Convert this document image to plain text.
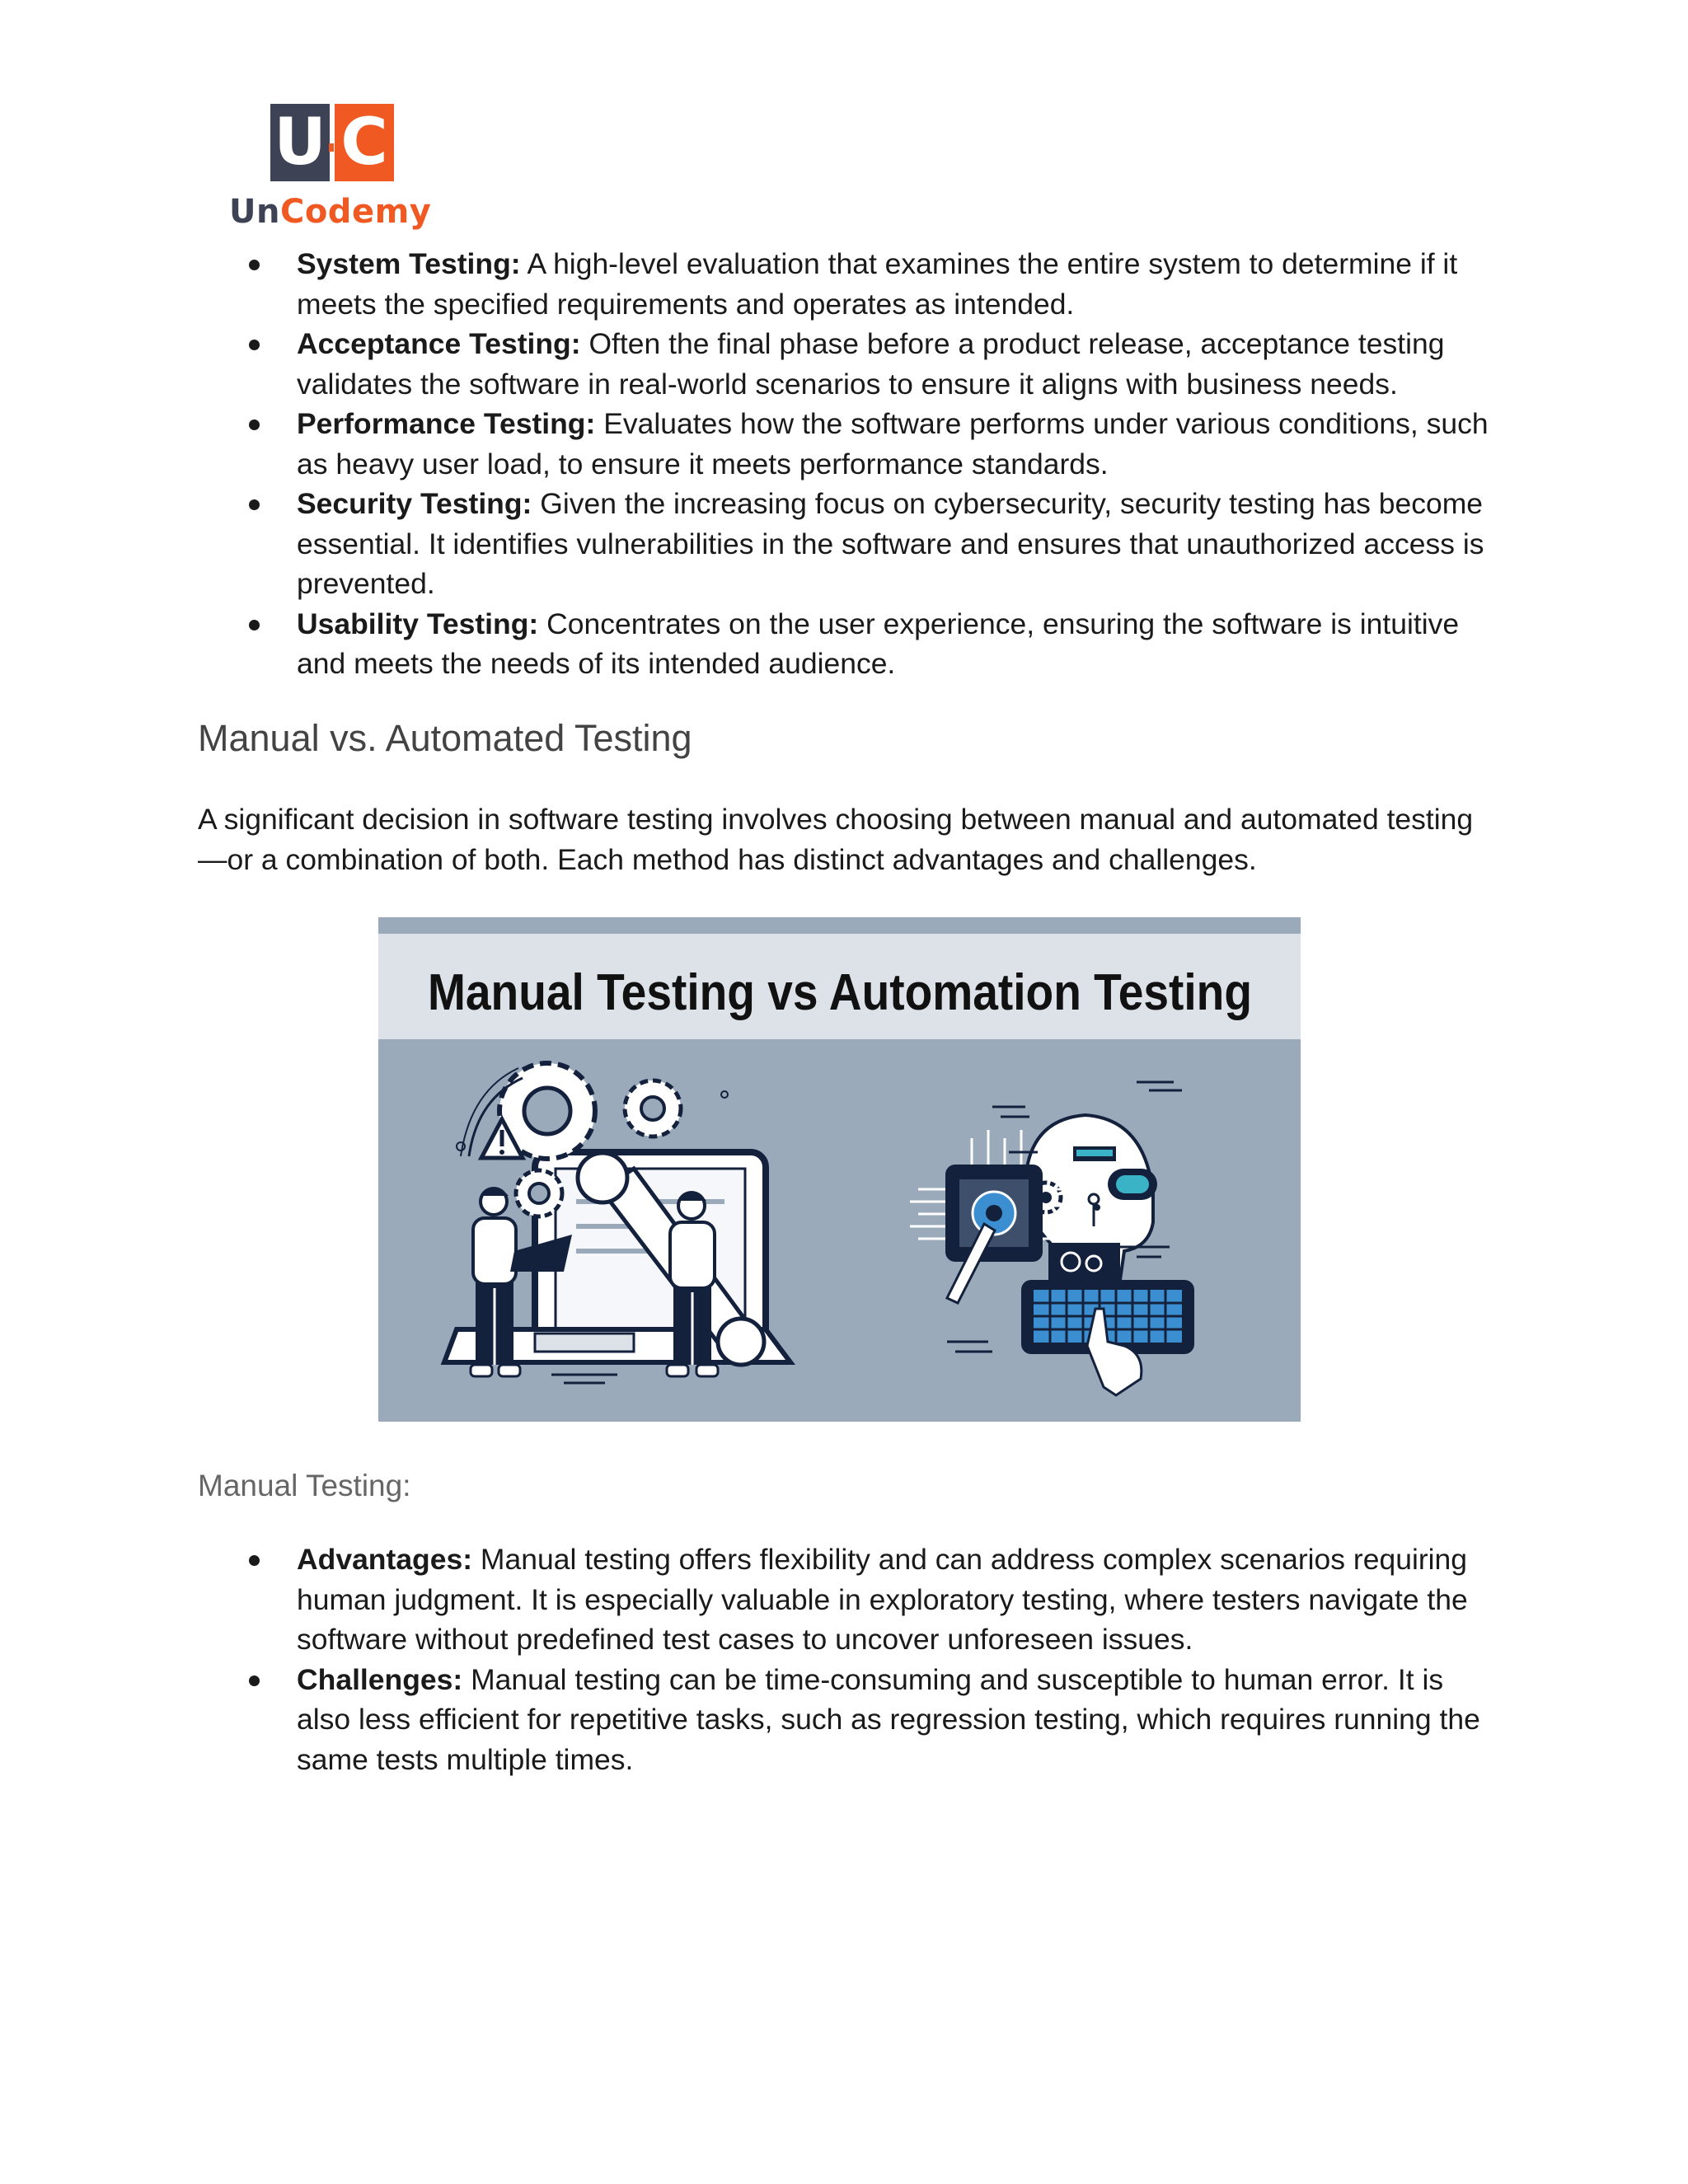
U C
UnCodemy
System Testing: A high-level evaluation that examines the entire system to determine if it meets the specified requirements and operates as intended.
Acceptance Testing: Often the final phase before a product release, acceptance testing validates the software in real-world scenarios to ensure it aligns with business needs.
Performance Testing: Evaluates how the software performs under various conditions, such as heavy user load, to ensure it meets performance standards.
Security Testing: Given the increasing focus on cybersecurity, security testing has become essential. It identifies vulnerabilities in the software and ensures that unauthorized access is prevented.
Usability Testing: Concentrates on the user experience, ensuring the software is intuitive and meets the needs of its intended audience.
Manual vs. Automated Testing
A significant decision in software testing involves choosing between manual and automated testing—or a combination of both. Each method has distinct advantages and challenges.
Manual Testing vs Automation Testing
Manual Testing:
Advantages: Manual testing offers flexibility and can address complex scenarios requiring human judgment. It is especially valuable in exploratory testing, where testers navigate the software without predefined test cases to uncover unforeseen issues.
Challenges: Manual testing can be time-consuming and susceptible to human error. It is also less efficient for repetitive tasks, such as regression testing, which requires running the same tests multiple times.
